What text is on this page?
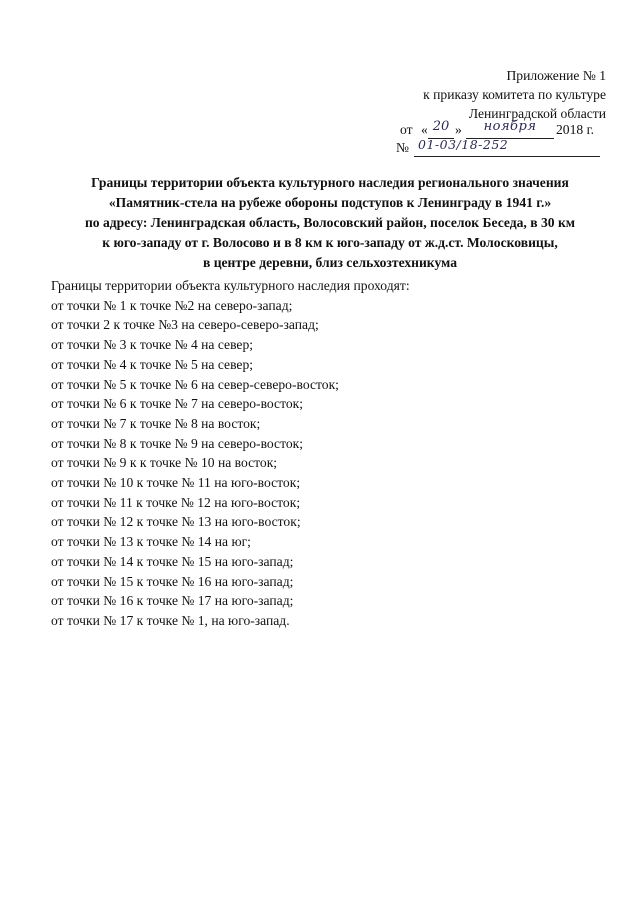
Приложение № 1
к приказу комитета по культуре
Ленинградской области
от « 20 »	ноября	2018 г.
№ 01-03/18-252
Границы территории объекта культурного наследия регионального значения
«Памятник-стела на рубеже обороны подступов к Ленинграду в 1941 г.»
по адресу: Ленинградская область, Волосовский район, поселок Беседа, в 30 км
к юго-западу от г. Волосово и в 8 км к юго-западу от ж.д.ст. Молосковицы,
в центре деревни, близ сельхозтехникума
Границы территории объекта культурного наследия проходят:
от точки № 1 к точке №2 на северо-запад;
от точки 2 к точке №3 на северо-северо-запад;
от точки № 3 к точке № 4 на север;
от точки № 4 к точке № 5 на север;
от точки № 5 к точке № 6 на север-северо-восток;
от точки № 6 к точке № 7 на северо-восток;
от точки № 7 к точке № 8 на восток;
от точки № 8 к точке № 9 на северо-восток;
от точки № 9 к к точке № 10 на восток;
от точки № 10 к точке № 11 на юго-восток;
от точки № 11 к точке № 12 на юго-восток;
от точки № 12 к точке № 13 на юго-восток;
от точки № 13 к точке № 14 на юг;
от точки № 14 к точке № 15 на юго-запад;
от точки № 15 к точке № 16 на юго-запад;
от точки № 16 к точке № 17 на юго-запад;
от точки № 17 к точке № 1, на юго-запад.
